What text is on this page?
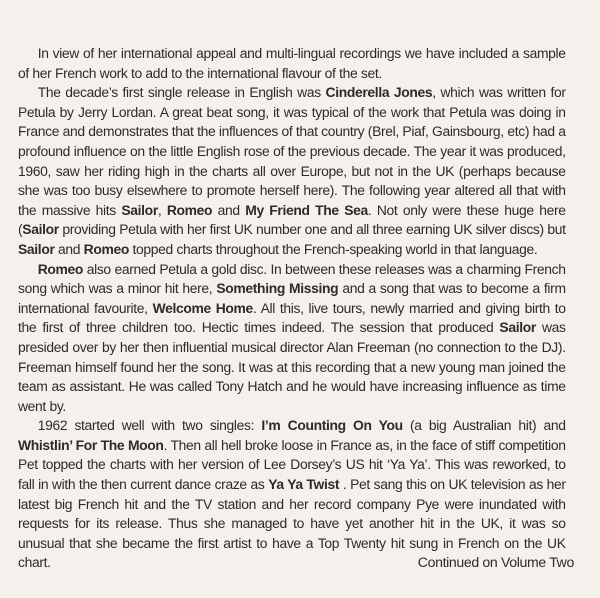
In view of her international appeal and multi-lingual recordings we have included a sample of her French work to add to the international flavour of the set.

The decade’s first single release in English was Cinderella Jones, which was written for Petula by Jerry Lordan. A great beat song, it was typical of the work that Petula was doing in France and demonstrates that the influences of that country (Brel, Piaf, Gainsbourg, etc) had a profound influence on the little English rose of the previous decade. The year it was produced, 1960, saw her riding high in the charts all over Europe, but not in the UK (perhaps because she was too busy elsewhere to promote herself here). The following year altered all that with the massive hits Sailor, Romeo and My Friend The Sea. Not only were these huge here (Sailor providing Petula with her first UK number one and all three earning UK silver discs) but Sailor and Romeo topped charts throughout the French-speaking world in that language.

Romeo also earned Petula a gold disc. In between these releases was a charming French song which was a minor hit here, Something Missing and a song that was to become a firm international favourite, Welcome Home. All this, live tours, newly married and giving birth to the first of three children too. Hectic times indeed. The session that produced Sailor was presided over by her then influential musical director Alan Freeman (no connection to the DJ). Freeman himself found her the song. It was at this recording that a new young man joined the team as assistant. He was called Tony Hatch and he would have increasing influence as time went by.

1962 started well with two singles: I’m Counting On You (a big Australian hit) and Whistlin’ For The Moon. Then all hell broke loose in France as, in the face of stiff competition Pet topped the charts with her version of Lee Dorsey’s US hit ‘Ya Ya’. This was reworked, to fall in with the then current dance craze as Ya Ya Twist . Pet sang this on UK television as her latest big French hit and the TV station and her record company Pye were inundated with requests for its release. Thus she managed to have yet another hit in the UK, it was so unusual that she became the first artist to have a Top Twenty hit sung in French on the UK chart.	Continued on Volume Two
